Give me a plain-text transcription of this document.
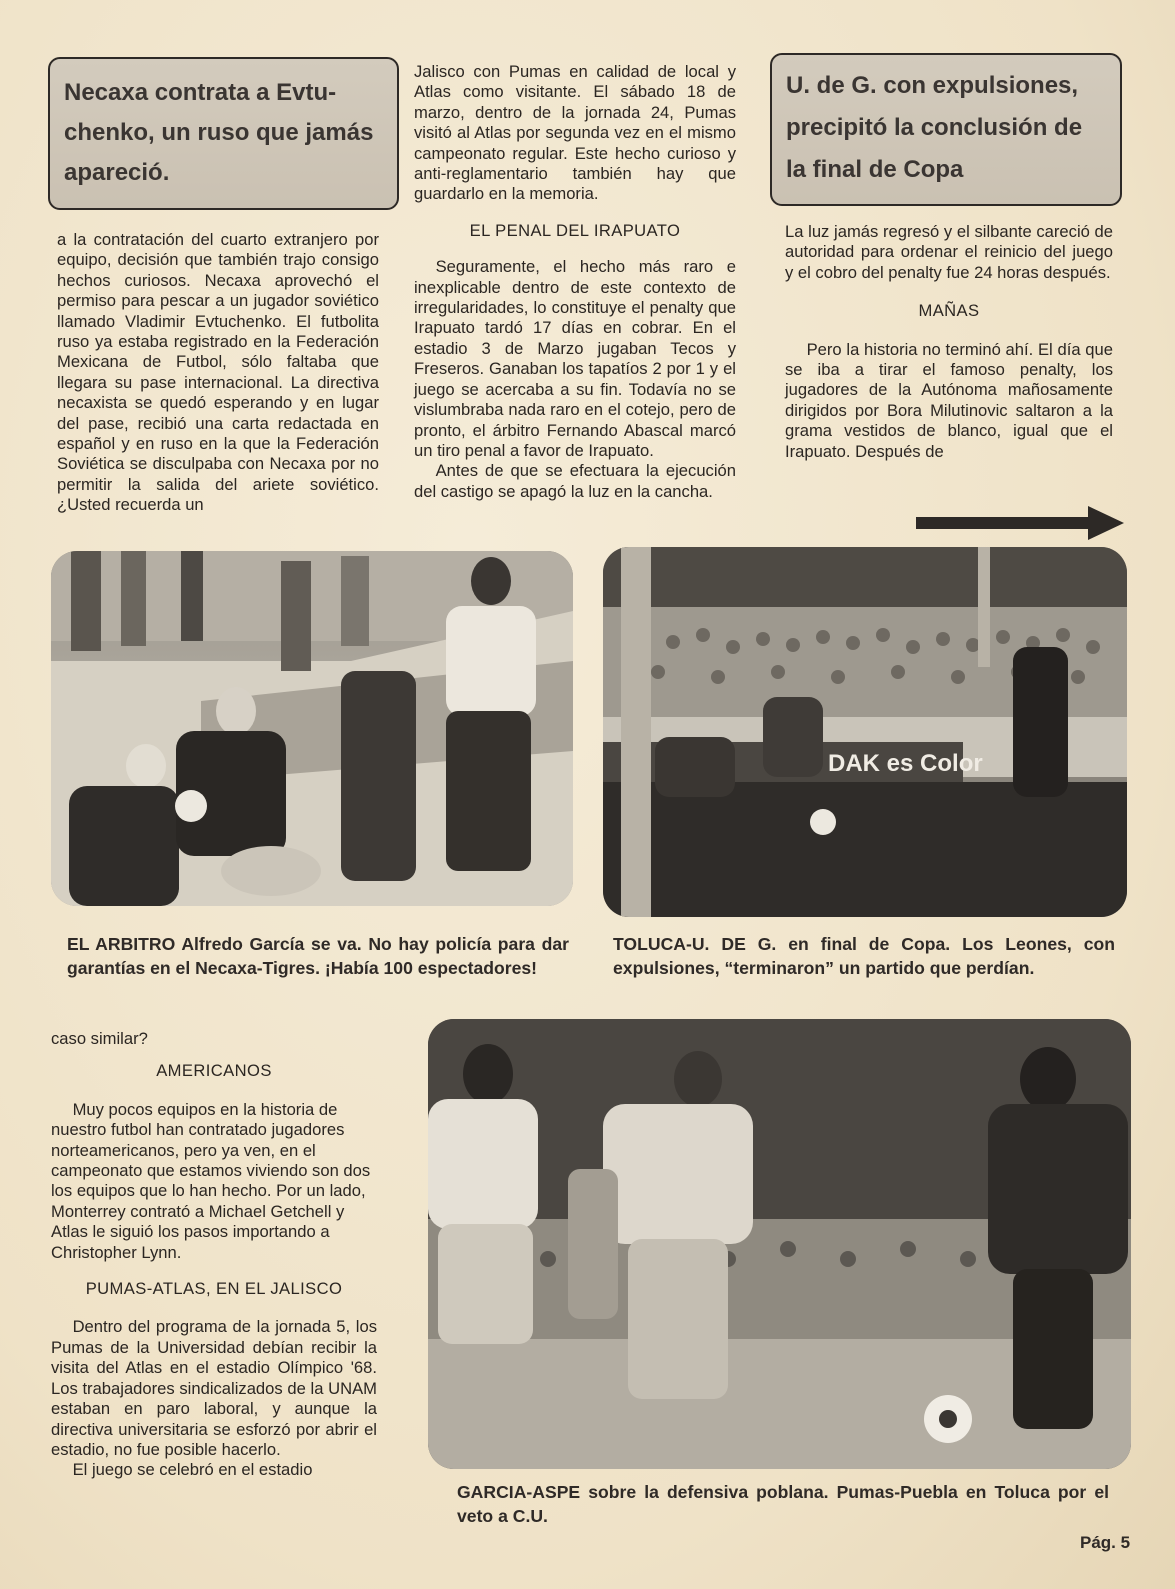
Necaxa contrata a Evtu-
chenko, un ruso que jamás
apareció.

a la contratación del cuarto extranjero por equipo, decisión que también trajo consigo hechos curiosos. Necaxa aprovechó el permiso para pescar a un jugador soviético llamado Vladimir Evtuchenko. El futbolita ruso ya estaba registrado en la Federación Mexicana de Futbol, sólo faltaba que llegara su pase internacional. La directiva necaxista se quedó esperando y en lugar del pase, recibió una carta redactada en español y en ruso en la que la Federación Soviética se disculpaba con Necaxa por no permitir la salida del ariete soviético. ¿Usted recuerda un

Jalisco con Pumas en calidad de local y Atlas como visitante. El sábado 18 de marzo, dentro de la jornada 24, Pumas visitó al Atlas por segunda vez en el mismo campeonato regular. Este hecho curioso y anti-reglamentario también hay que guardarlo en la memoria.

EL PENAL DEL IRAPUATO

Seguramente, el hecho más raro e inexplicable dentro de este contexto de irregularidades, lo constituye el penalty que Irapuato tardó 17 días en cobrar. En el estadio 3 de Marzo jugaban Tecos y Freseros. Ganaban los tapatíos 2 por 1 y el juego se acercaba a su fin. Todavía no se vislumbraba nada raro en el cotejo, pero de pronto, el árbitro Fernando Abascal marcó un tiro penal a favor de Irapuato.

Antes de que se efectuara la ejecución del castigo se apagó la luz en la cancha.

U. de G. con expulsiones,
precipitó la conclusión de
la final de Copa

La luz jamás regresó y el silbante careció de autoridad para ordenar el reinicio del juego y el cobro del penalty fue 24 horas después.

MAÑAS

Pero la historia no terminó ahí. El día que se iba a tirar el famoso penalty, los jugadores de la Autónoma mañosamente dirigidos por Bora Milutinovic saltaron a la grama vestidos de blanco, igual que el Irapuato. Después de

DAK es Color
EL ARBITRO Alfredo García se va. No hay policía para dar garantías en el Necaxa-Tigres. ¡Había 100 espectadores!
TOLUCA-U. DE G. en final de Copa. Los Leones, con expulsiones, “terminaron” un partido que perdían.

caso similar?

AMERICANOS

Muy pocos equipos en la historia de nuestro futbol han contratado jugadores norteamericanos, pero ya ven, en el campeonato que estamos viviendo son dos los equipos que lo han hecho. Por un lado, Monterrey contrató a Michael Getchell y Atlas le siguió los pasos importando a Christopher Lynn.

PUMAS-ATLAS, EN EL JALISCO

Dentro del programa de la jornada 5, los Pumas de la Universidad debían recibir la visita del Atlas en el estadio Olímpico '68. Los trabajadores sindicalizados de la UNAM estaban en paro laboral, y aunque la directiva universitaria se esforzó por abrir el estadio, no fue posible hacerlo.

El juego se celebró en el estadio

GARCIA-ASPE sobre la defensiva poblana. Pumas-Puebla en Toluca por el veto a C.U.
Pág. 5
